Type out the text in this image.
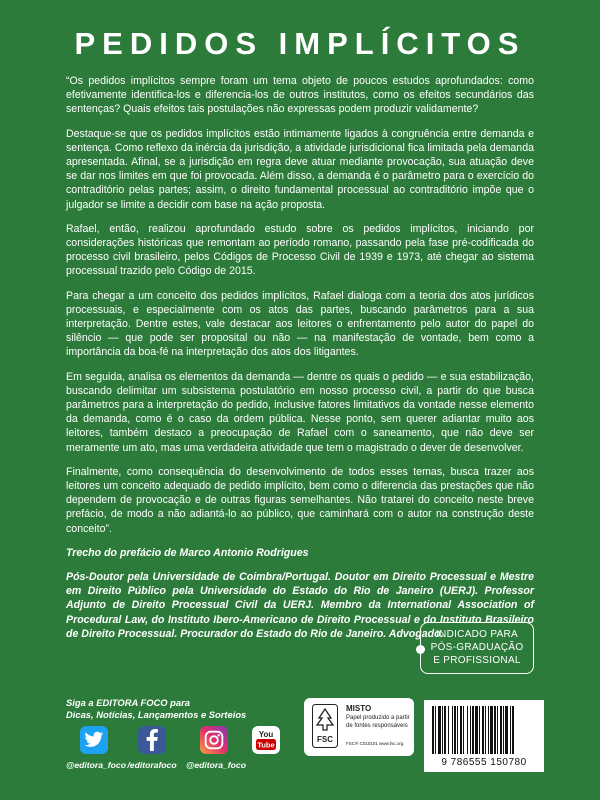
PEDIDOS IMPLÍCITOS

“Os pedidos implícitos sempre foram um tema objeto de poucos estudos aprofundados: como efetivamente identifica-los e diferencia-los de outros institutos, como os efeitos secundários das sentenças? Quais efeitos tais postulações não expressas podem produzir validamente?

Destaque-se que os pedidos implícitos estão intimamente ligados à congruência entre demanda e sentença. Como reflexo da inércia da jurisdição, a atividade jurisdicional fica limitada pela demanda apresentada. Afinal, se a jurisdição em regra deve atuar mediante provocação, sua atuação deve se dar nos limites em que foi provocada. Além disso, a demanda é o parâmetro para o exercício do contraditório pelas partes; assim, o direito fundamental processual ao contraditório impõe que o julgador se limite a decidir com base na ação proposta.

Rafael, então, realizou aprofundado estudo sobre os pedidos implícitos, iniciando por considerações históricas que remontam ao período romano, passando pela fase pré-codificada do processo civil brasileiro, pelos Códigos de Processo Civil de 1939 e 1973, até chegar ao sistema processual trazido pelo Código de 2015.

Para chegar a um conceito dos pedidos implícitos, Rafael dialoga com a teoria dos atos jurídicos processuais, e especialmente com os atos das partes, buscando parâmetros para a sua interpretação. Dentre estes, vale destacar aos leitores o enfrentamento pelo autor do papel do silêncio — que pode ser proposital ou não — na manifestação de vontade, bem como a importância da boa-fé na interpretação dos atos dos litigantes.

Em seguida, analisa os elementos da demanda — dentre os quais o pedido — e sua estabilização, buscando delimitar um subsistema postulatório em nosso processo civil, a partir do que busca parâmetros para a interpretação do pedido, inclusive fatores limitativos da vontade nesse elemento da demanda, como é o caso da ordem pública. Nesse ponto, sem querer adiantar muito aos leitores, também destaco a preocupação de Rafael com o saneamento, que não deve ser meramente um ato, mas uma verdadeira atividade que tem o magistrado o dever de desenvolver.

Finalmente, como consequência do desenvolvimento de todos esses temas, busca trazer aos leitores um conceito adequado de pedido implícito, bem como o diferencia das prestações que não dependem de provocação e de outras figuras semelhantes. Não tratarei do conceito neste breve prefácio, de modo a não adiantá-lo ao público, que caminhará com o autor na construção deste conceito”.

Trecho do prefácio de Marco Antonio Rodrigues

Pós-Doutor pela Universidade de Coimbra/Portugal. Doutor em Direito Processual e Mestre em Direito Público pela Universidade do Estado do Rio de Janeiro (UERJ). Professor Adjunto de Direito Processual Civil da UERJ. Membro da International Association of Procedural Law, do Instituto Ibero-Americano de Direito Processual e do Instituto Brasileiro de Direito Processual. Procurador do Estado do Rio de Janeiro. Advogado.

INDICADO PARA
PÓS-GRADUAÇÃO
E PROFISSIONAL
Siga a EDITORA FOCO para
Dicas, Notícias, Lançamentos e Sorteios
@editora_foco /editorafoco	@editora_foco
You
Tube
FSC
MISTO
Papel produzido a partir de fontes responsáveis
FSC® C010101 www.fsc.org
9 786555 150780
